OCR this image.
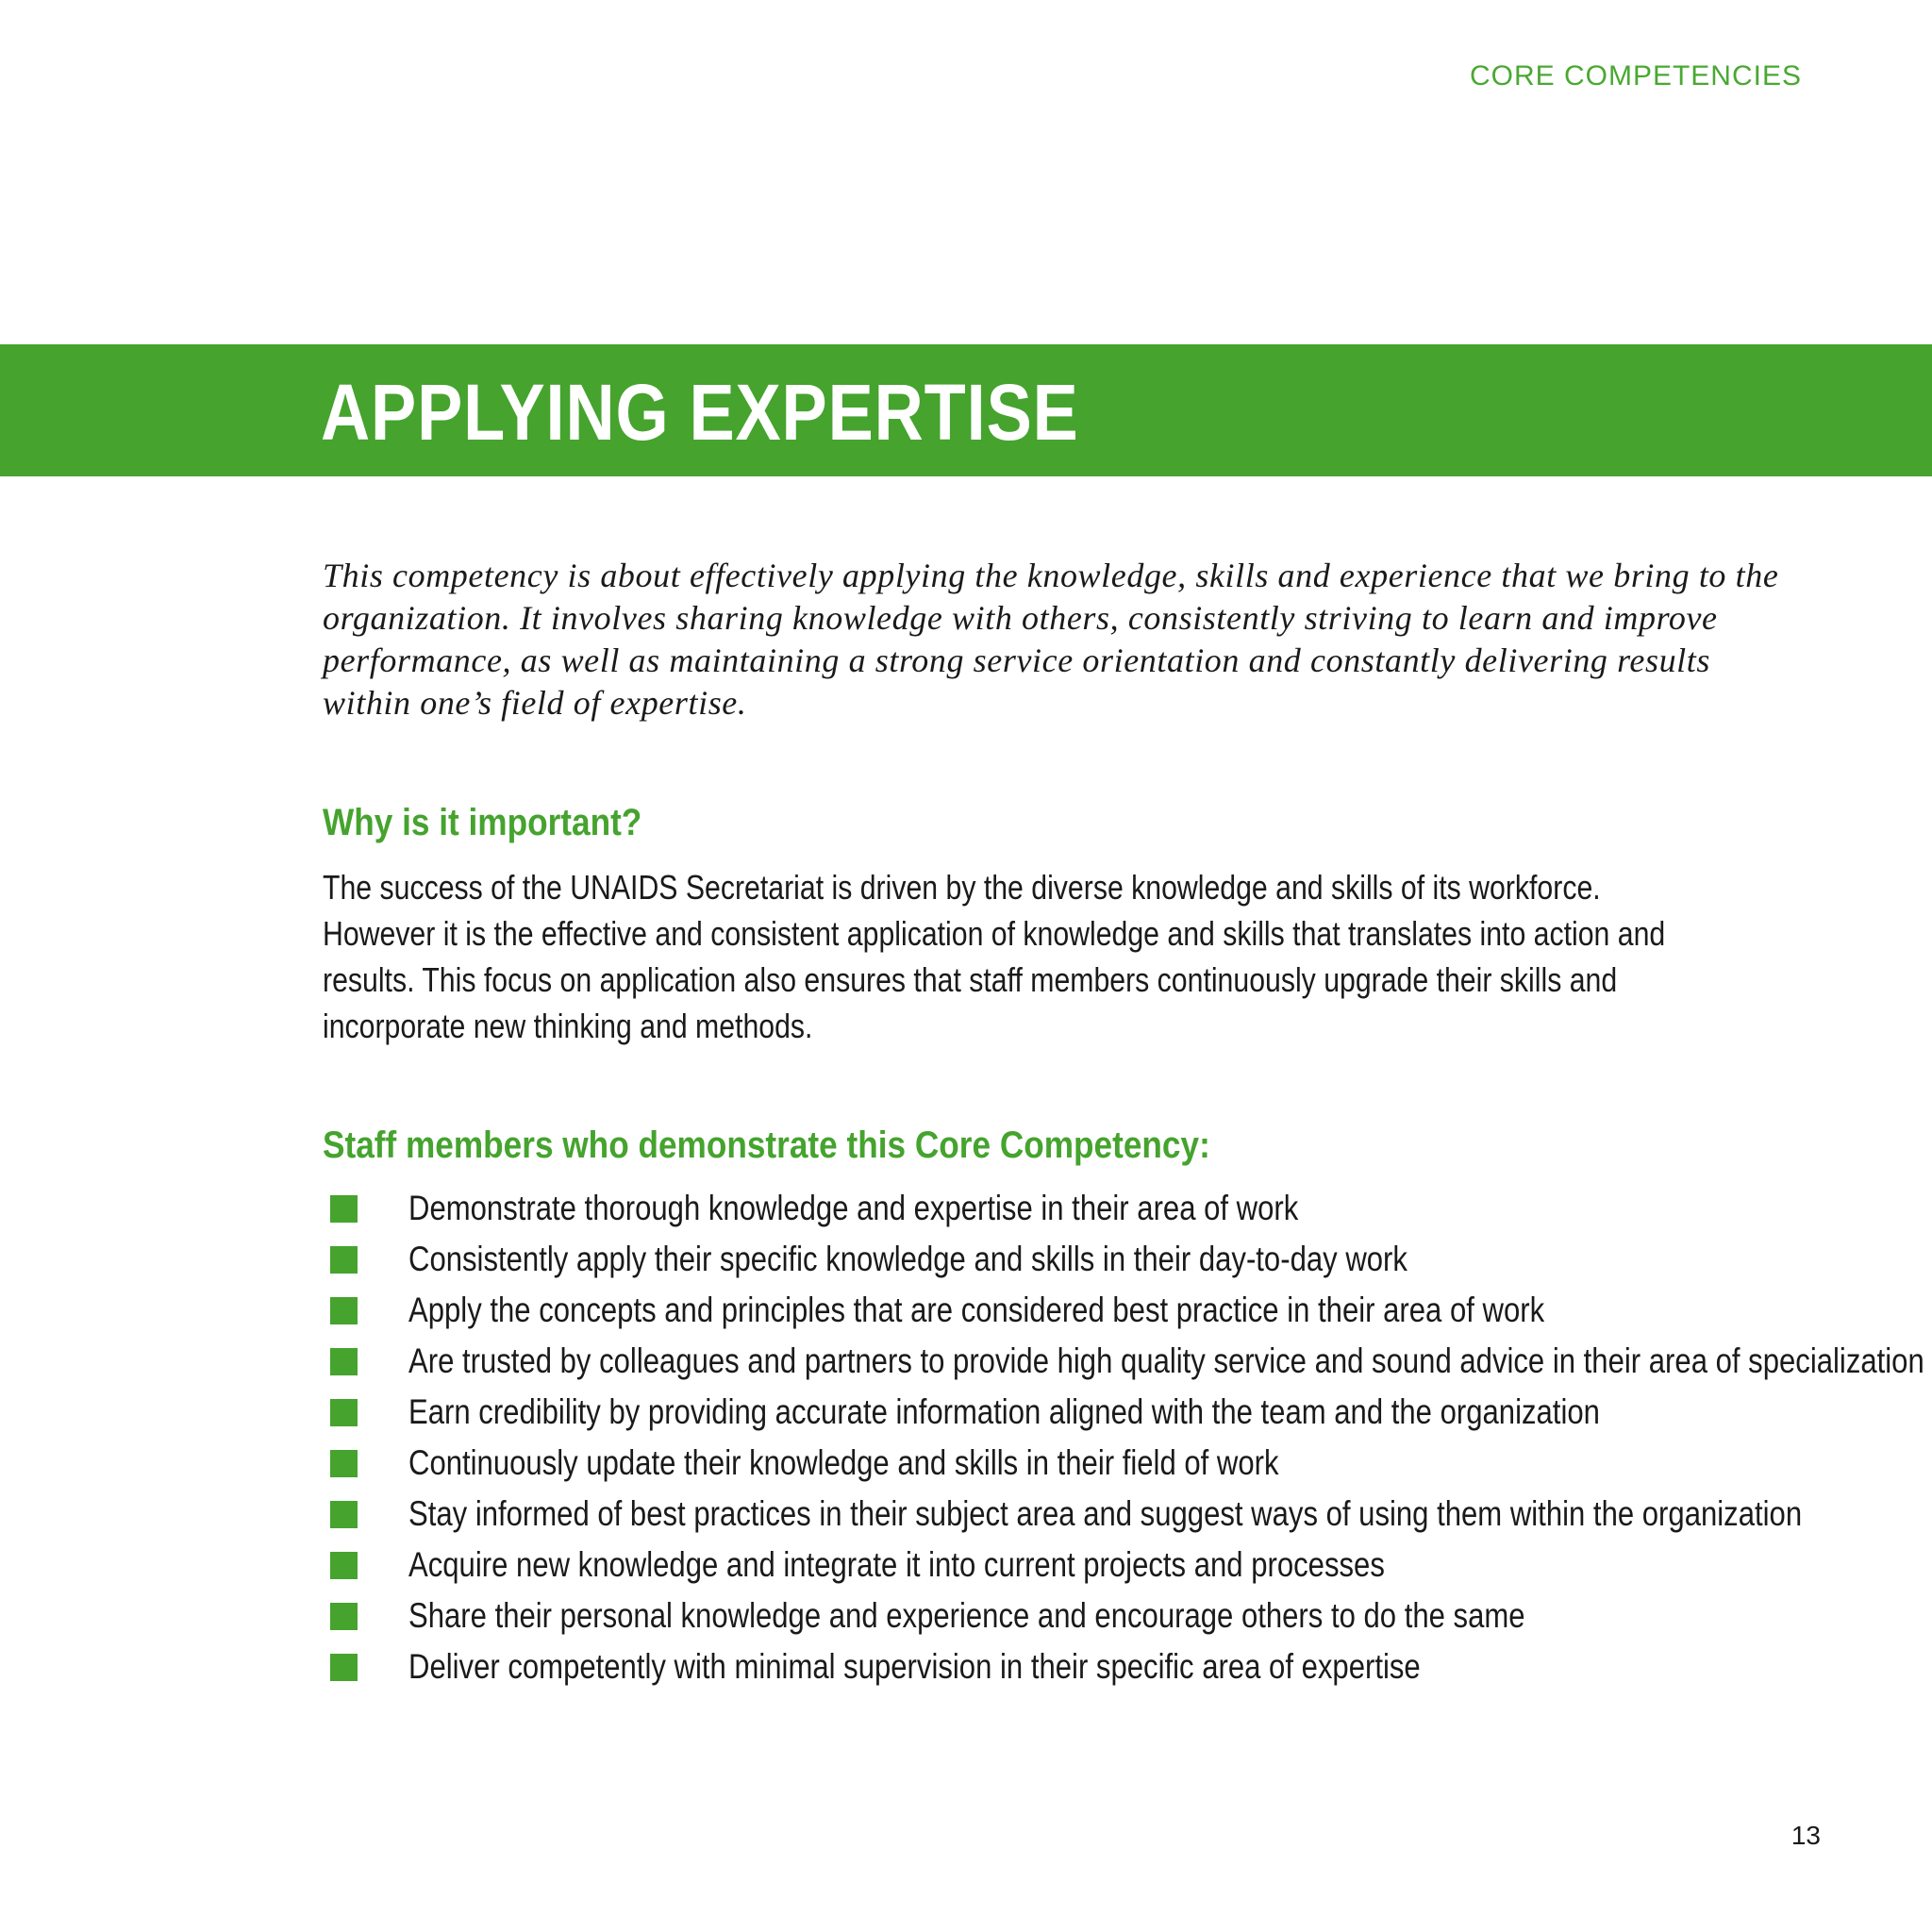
CORE COMPETENCIES
APPLYING EXPERTISE

This competency is about effectively applying the knowledge, skills and experience that we bring to the organization. It involves sharing knowledge with others, consistently striving to learn and improve performance, as well as maintaining a strong service orientation and constantly delivering results within one’s field of expertise.

Why is it important?

The success of the UNAIDS Secretariat is driven by the diverse knowledge and skills of its workforce. However it is the effective and consistent application of knowledge and skills that translates into action and results. This focus on application also ensures that staff members continuously upgrade their skills and incorporate new thinking and methods.

Staff members who demonstrate this Core Competency:
Demonstrate thorough knowledge and expertise in their area of work
Consistently apply their specific knowledge and skills in their day-to-day work
Apply the concepts and principles that are considered best practice in their area of work
Are trusted by colleagues and partners to provide high quality service and sound advice in their area of specialization
Earn credibility by providing accurate information aligned with the team and the organization
Continuously update their knowledge and skills in their field of work
Stay informed of best practices in their subject area and suggest ways of using them within the organization
Acquire new knowledge and integrate it into current projects and processes
Share their personal knowledge and experience and encourage others to do the same
Deliver competently with minimal supervision in their specific area of expertise
13
